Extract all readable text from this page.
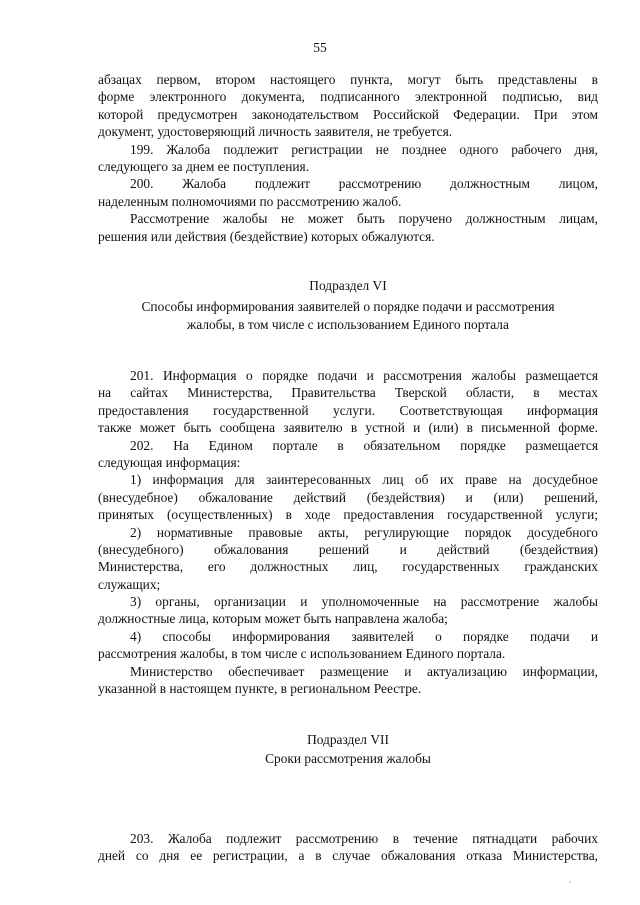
55
абзацах первом, втором настоящего пункта, могут быть представлены в
форме электронного документа, подписанного электронной подписью, вид
которой предусмотрен законодательством Российской Федерации. При этом
документ, удостоверяющий личность заявителя, не требуется.
199. Жалоба подлежит регистрации не позднее одного рабочего дня,
следующего за днем ее поступления.
200. Жалоба подлежит рассмотрению должностным лицом,
наделенным полномочиями по рассмотрению жалоб.
Рассмотрение жалобы не может быть поручено должностным лицам,
решения или действия (бездействие) которых обжалуются.
Подраздел VI
Способы информирования заявителей о порядке подачи и рассмотрения
жалобы, в том числе с использованием Единого портала
201. Информация о порядке подачи и рассмотрения жалобы размещается
на сайтах Министерства, Правительства Тверской области, в местах
предоставления государственной услуги. Соответствующая информация
также может быть сообщена заявителю в устной и (или) в письменной форме.
202. На Едином портале в обязательном порядке размещается
следующая информация:
1) информация для заинтересованных лиц об их праве на досудебное
(внесудебное) обжалование действий (бездействия) и (или) решений,
принятых (осуществленных) в ходе предоставления государственной услуги;
2) нормативные правовые акты, регулирующие порядок досудебного
(внесудебного) обжалования решений и действий (бездействия)
Министерства, его должностных лиц, государственных гражданских
служащих;
3) органы, организации и уполномоченные на рассмотрение жалобы
должностные лица, которым может быть направлена жалоба;
4) способы информирования заявителей о порядке подачи и
рассмотрения жалобы, в том числе с использованием Единого портала.
Министерство обеспечивает размещение и актуализацию информации,
указанной в настоящем пункте, в региональном Реестре.
Подраздел VII
Сроки рассмотрения жалобы
203. Жалоба подлежит рассмотрению в течение пятнадцати рабочих
дней со дня ее регистрации, а в случае обжалования отказа Министерства,
